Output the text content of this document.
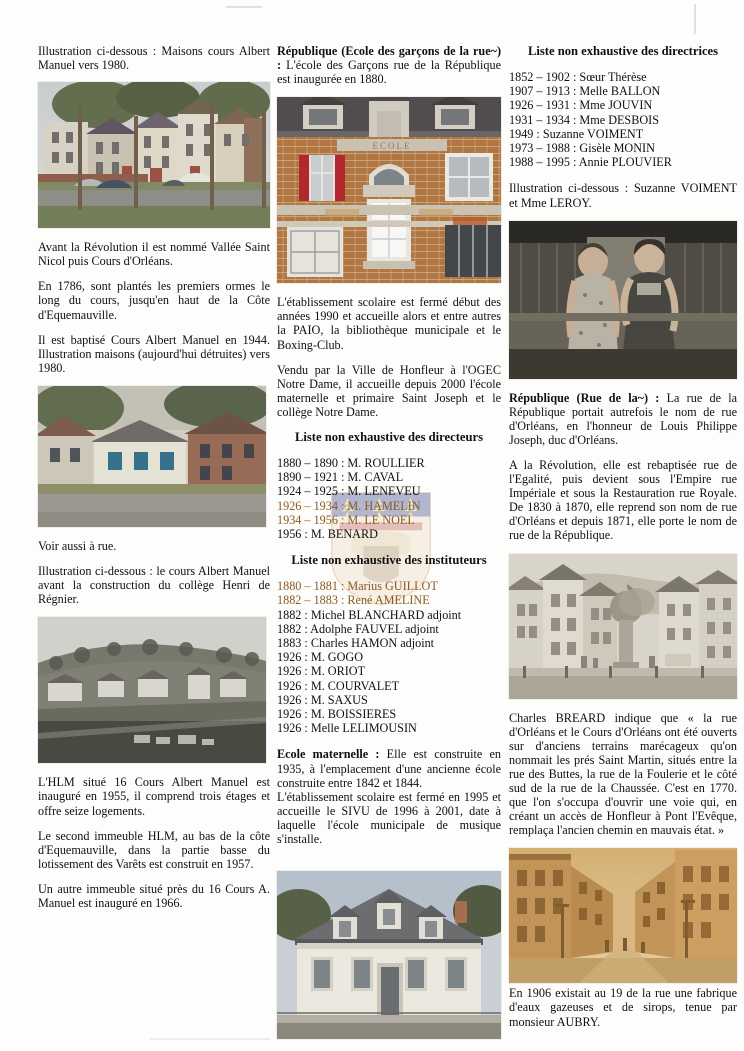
Illustration ci-dessous : Maisons cours Albert Manuel vers 1980.

Avant la Révolution il est nommé Vallée Saint Nicol puis Cours d'Orléans.

En 1786, sont plantés les premiers ormes le long du cours, jusqu'en haut de la Côte d'Equemauville.

Il est baptisé Cours Albert Manuel en 1944. Illustration maisons (aujourd'hui détruites) vers 1980.

Voir aussi à rue.

Illustration ci-dessous : le cours Albert Manuel avant la construction du collège Henri de Régnier.

L'HLM situé 16 Cours Albert Manuel est inauguré en 1955, il comprend trois étages et offre seize logements.

Le second immeuble HLM, au bas de la côte d'Equemauville, dans la partie basse du lotissement des Varêts est construit en 1957.

Un autre immeuble situé près du 16 Cours A. Manuel est inauguré en 1966.

République (Ecole des garçons de la rue~) : L'école des Garçons rue de la République est inaugurée en 1880.

ECOLE

L'établissement scolaire est fermé début des années 1990 et accueille alors et entre autres la PAIO, la bibliothèque municipale et le Boxing-Club.

Vendu par la Ville de Honfleur à l'OGEC Notre Dame, il accueille depuis 2000 l'école maternelle et primaire Saint Joseph et le collège Notre Dame.

Liste non exhaustive des directeurs
1880 – 1890 : M. ROULLIER
1890 – 1921 : M. CAVAL
1924 – 1925 : M. LENEVEU
1926 – 1934 : M. HAMELIN
1934 – 1956 : M. LE NOEL
1956 : M. BENARD
Liste non exhaustive des instituteurs
1880 – 1881 : Marius GUILLOT
1882 – 1883 : René AMELINE
1882 : Michel BLANCHARD adjoint
1882 : Adolphe FAUVEL adjoint
1883 : Charles HAMON adjoint
1926 : M. GOGO
1926 : M. ORIOT
1926 : M. COURVALET
1926 : M. SAXUS
1926 : M. BOISSIERES
1926 : Melle LELIMOUSIN

Ecole maternelle : Elle est construite en 1935, à l'emplacement d'une ancienne école construite entre 1842 et 1844.

L'établissement scolaire est fermé en 1995 et accueille le SIVU de 1996 à 2001, date à laquelle l'école municipale de musique s'installe.

Liste non exhaustive des directrices
1852 – 1902 : Sœur Thérèse
1907 – 1913 : Melle BALLON
1926 – 1931 : Mme JOUVIN
1931 – 1934 : Mme DESBOIS
1949 : Suzanne VOIMENT
1973 – 1988 : Gisèle MONIN
1988 – 1995 : Annie PLOUVIER

Illustration ci-dessous : Suzanne VOIMENT et Mme LEROY.

République (Rue de la~) : La rue de la République portait autrefois le nom de rue d'Orléans, en l'honneur de Louis Philippe Joseph, duc d'Orléans.

A la Révolution, elle est rebaptisée rue de l'Egalité, puis devient sous l'Empire rue Impériale et sous la Restauration rue Royale. De 1830 à 1870, elle reprend son nom de rue d'Orléans et depuis 1871, elle porte le nom de rue de la République.

Charles BREARD indique que « la rue d'Orléans et le Cours d'Orléans ont été ouverts sur d'anciens terrains marécageux qu'on nommait les prés Saint Martin, situés entre la rue des Buttes, la rue de la Foulerie et le côté sud de la rue de la Chaussée. C'est en 1770. que l'on s'occupa d'ouvrir une voie qui, en créant un accès de Honfleur à Pont l'Evêque, remplaça l'ancien chemin en mauvais état. »

En 1906 existait au 19 de la rue une fabrique d'eaux gazeuses et de sirops, tenue par monsieur AUBRY.
